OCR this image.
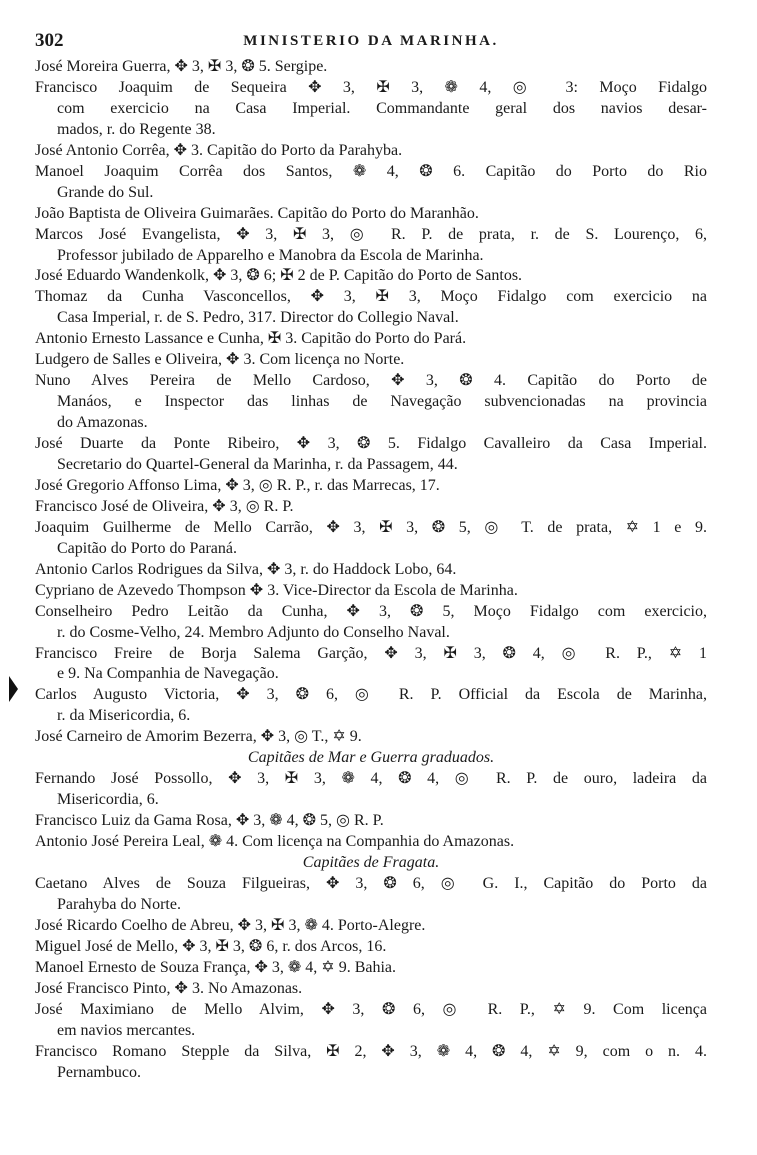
302	MINISTERIO DA MARINHA.
José Moreira Guerra, ✥ 3, ✠ 3, ❂ 5. Sergipe.
Francisco Joaquim de Sequeira ✥ 3, ✠ 3, ❁ 4, ◎ 3: Moço Fidalgo
com exercicio na Casa Imperial. Commandante geral dos navios desar-
mados, r. do Regente 38.
José Antonio Corrêa, ✥ 3. Capitão do Porto da Parahyba.
Manoel Joaquim Corrêa dos Santos, ❁ 4, ❂ 6. Capitão do Porto do Rio
Grande do Sul.
João Baptista de Oliveira Guimarães. Capitão do Porto do Maranhão.
Marcos José Evangelista, ✥ 3, ✠ 3, ◎ R. P. de prata, r. de S. Lourenço, 6,
Professor jubilado de Apparelho e Manobra da Escola de Marinha.
José Eduardo Wandenkolk, ✥ 3, ❂ 6; ✠ 2 de P. Capitão do Porto de Santos.
Thomaz da Cunha Vasconcellos, ✥ 3, ✠ 3, Moço Fidalgo com exercicio na
Casa Imperial, r. de S. Pedro, 317. Director do Collegio Naval.
Antonio Ernesto Lassance e Cunha, ✠ 3. Capitão do Porto do Pará.
Ludgero de Salles e Oliveira, ✥ 3. Com licença no Norte.
Nuno Alves Pereira de Mello Cardoso, ✥ 3, ❂ 4. Capitão do Porto de
Manáos, e Inspector das linhas de Navegação subvencionadas na provincia
do Amazonas.
José Duarte da Ponte Ribeiro, ✥ 3, ❂ 5. Fidalgo Cavalleiro da Casa Imperial.
Secretario do Quartel-General da Marinha, r. da Passagem, 44.
José Gregorio Affonso Lima, ✥ 3, ◎ R. P., r. das Marrecas, 17.
Francisco José de Oliveira, ✥ 3, ◎ R. P.
Joaquim Guilherme de Mello Carrão, ✥ 3, ✠ 3, ❂ 5, ◎ T. de prata, ✡ 1 e 9.
Capitão do Porto do Paraná.
Antonio Carlos Rodrigues da Silva, ✥ 3, r. do Haddock Lobo, 64.
Cypriano de Azevedo Thompson ✥ 3. Vice-Director da Escola de Marinha.
Conselheiro Pedro Leitão da Cunha, ✥ 3, ❂ 5, Moço Fidalgo com exercicio,
r. do Cosme-Velho, 24. Membro Adjunto do Conselho Naval.
Francisco Freire de Borja Salema Garção, ✥ 3, ✠ 3, ❂ 4, ◎ R. P., ✡ 1
e 9. Na Companhia de Navegação.
Carlos Augusto Victoria, ✥ 3, ❂ 6, ◎ R. P. Official da Escola de Marinha,
r. da Misericordia, 6.
José Carneiro de Amorim Bezerra, ✥ 3, ◎ T., ✡ 9.
Capitães de Mar e Guerra graduados.
Fernando José Possollo, ✥ 3, ✠ 3, ❁ 4, ❂ 4, ◎ R. P. de ouro, ladeira da
Misericordia, 6.
Francisco Luiz da Gama Rosa, ✥ 3, ❁ 4, ❂ 5, ◎ R. P.
Antonio José Pereira Leal, ❁ 4. Com licença na Companhia do Amazonas.
Capitães de Fragata.
Caetano Alves de Souza Filgueiras, ✥ 3, ❂ 6, ◎ G. I., Capitão do Porto da
Parahyba do Norte.
José Ricardo Coelho de Abreu, ✥ 3, ✠ 3, ❁ 4. Porto-Alegre.
Miguel José de Mello, ✥ 3, ✠ 3, ❂ 6, r. dos Arcos, 16.
Manoel Ernesto de Souza França, ✥ 3, ❁ 4, ✡ 9. Bahia.
José Francisco Pinto, ✥ 3. No Amazonas.
José Maximiano de Mello Alvim, ✥ 3, ❂ 6, ◎ R. P., ✡ 9. Com licença
em navios mercantes.
Francisco Romano Stepple da Silva, ✠ 2, ✥ 3, ❁ 4, ❂ 4, ✡ 9, com o n. 4.
Pernambuco.
